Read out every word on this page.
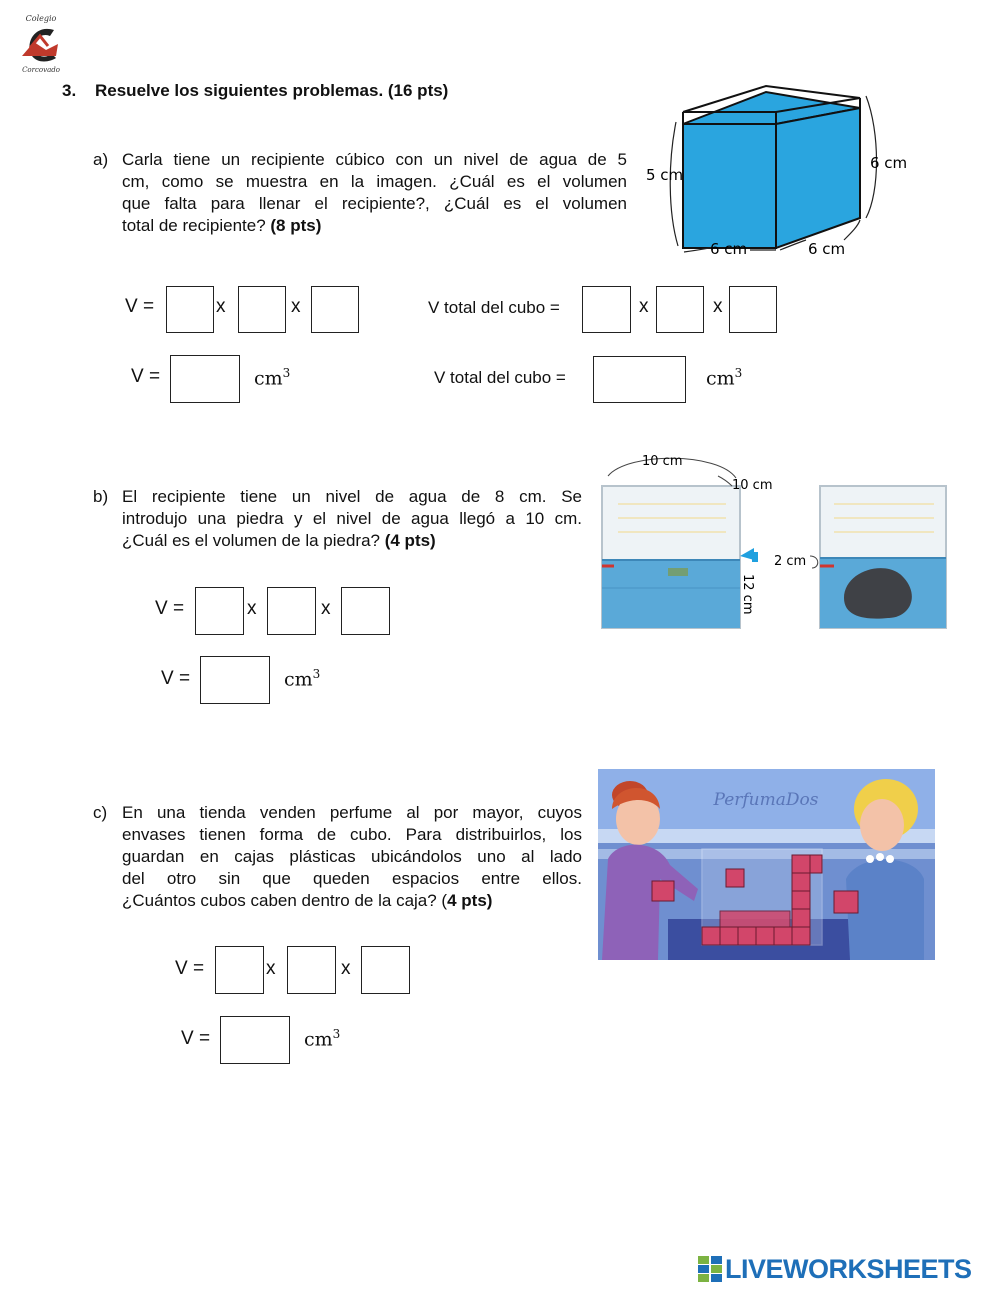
Colegio
Corcovado
3. Resuelve los siguientes problemas. (16 pts)
a) Carla tiene un recipiente cúbico con un nivel de agua de 5
cm, como se muestra en la imagen. ¿Cuál es el volumen
que falta para llenar el recipiente?, ¿Cuál es el volumen
total de recipiente? (8 pts)
5 cm
6 cm
6 cm	6 cm
V =	x	x
V =	$cm^3$
V total del cubo =	x	x
V total del cubo =	$cm^3$
b) El recipiente tiene un nivel de agua de 8 cm. Se
introdujo una piedra y el nivel de agua llegó a 10 cm.
¿Cuál es el volumen de la piedra? (4 pts)
10 cm
10 cm
12 cm
2 cm
V =	x	x
V =	$cm^3$
c) En una tienda venden perfume al por mayor, cuyos
envases tienen forma de cubo. Para distribuirlos, los
guardan en cajas plásticas ubicándolos uno al lado
del otro sin que queden espacios entre ellos.
¿Cuántos cubos caben dentro de la caja? (4 pts)
PerfumaDos
V =	x	x
V =	$cm^3$
LIVEWORKSHEETS
